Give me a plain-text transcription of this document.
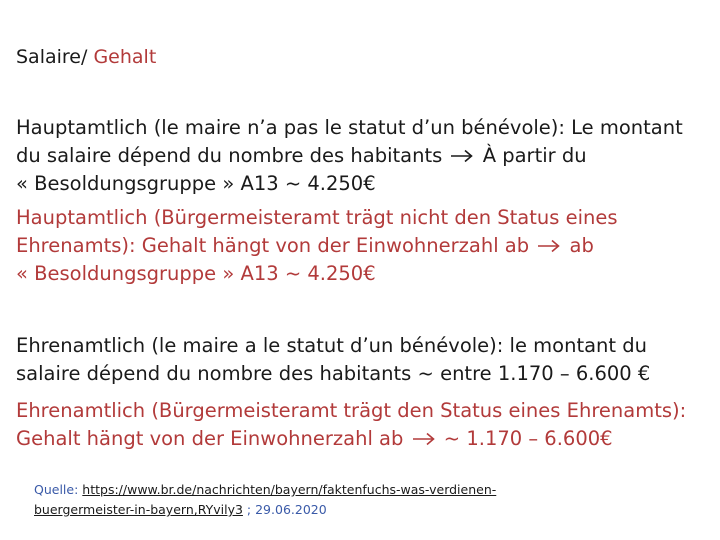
Salaire/ Gehalt
Hauptamtlich (le maire n’a pas le statut d’un bénévole): Le montant
du salaire dépend du nombre des habitants À partir du
« Besoldungsgruppe » A13 ~ 4.250€
Hauptamtlich (Bürgermeisteramt trägt nicht den Status eines
Ehrenamts): Gehalt hängt von der Einwohnerzahl ab ab
« Besoldungsgruppe » A13 ~ 4.250€
Ehrenamtlich (le maire a le statut d’un bénévole): le montant du
salaire dépend du nombre des habitants ~ entre 1.170 – 6.600 €
Ehrenamtlich (Bürgermeisteramt trägt den Status eines Ehrenamts):
Gehalt hängt von der Einwohnerzahl ab ~ 1.170 – 6.600€
Quelle: https://www.br.de/nachrichten/bayern/faktenfuchs-was-verdienen-
buergermeister-in-bayern,RYvily3 ; 29.06.2020
